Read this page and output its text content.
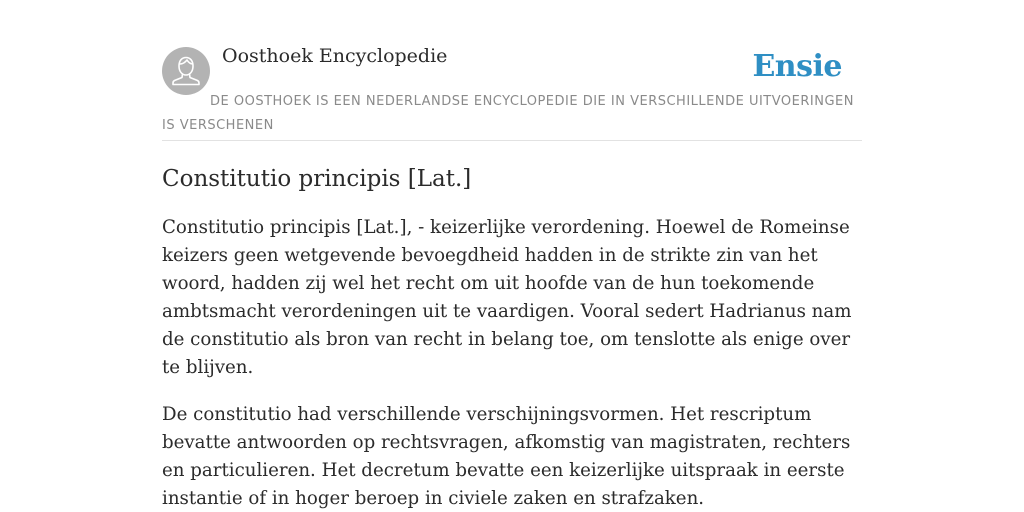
Oosthoek Encyclopedie	Ensie

DE OOSTHOEK IS EEN NEDERLANDSE ENCYCLOPEDIE DIE IN VERSCHILLENDE UITVOERINGEN IS VERSCHENEN

Constitutio principis [Lat.]

Constitutio principis [Lat.], - keizerlijke verordening. Hoewel de Romeinse keizers geen wetgevende bevoegdheid hadden in de strikte zin van het woord, hadden zij wel het recht om uit hoofde van de hun toekomende ambtsmacht verordeningen uit te vaardigen. Vooral sedert Hadrianus nam de constitutio als bron van recht in belang toe, om tenslotte als enige over te blijven.

De constitutio had verschillende verschijningsvormen. Het rescriptum bevatte antwoorden op rechtsvragen, afkomstig van magistraten, rechters en particulieren. Het decretum bevatte een keizerlijke uitspraak in eerste instantie of in hoger beroep in civiele zaken en strafzaken.
